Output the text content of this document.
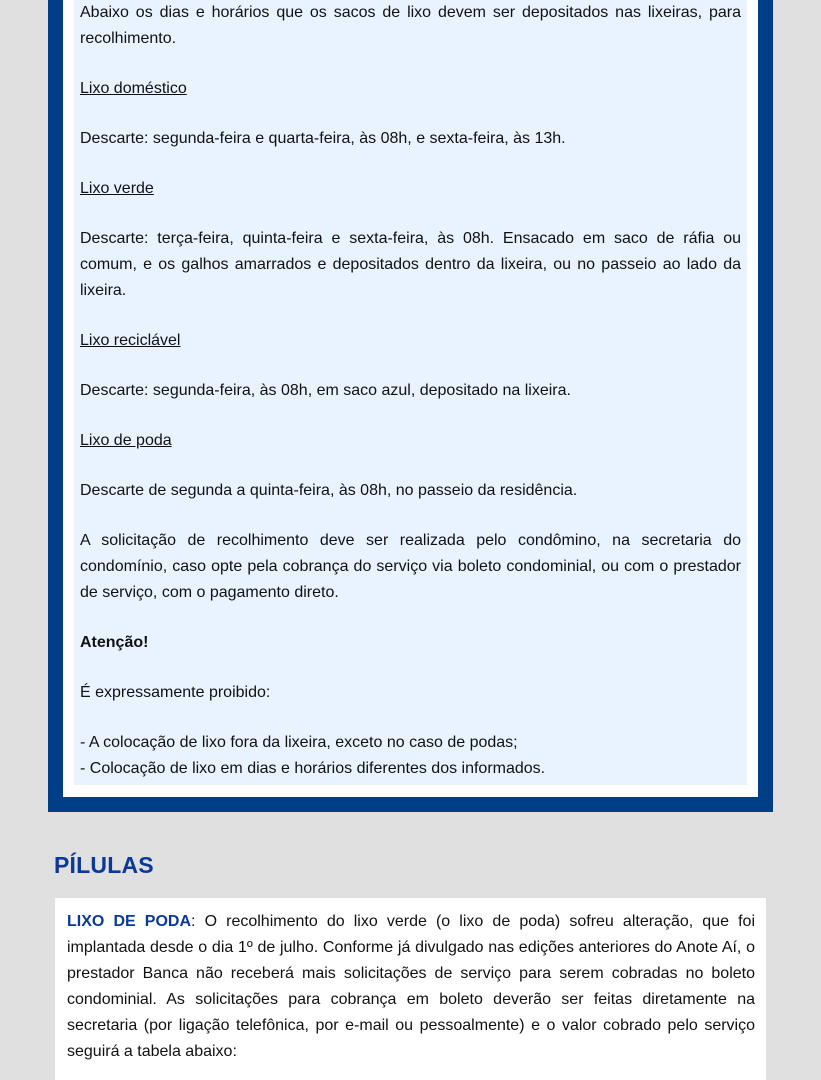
Abaixo os dias e horários que os sacos de lixo devem ser depositados nas lixeiras, para recolhimento.

Lixo doméstico

Descarte: segunda-feira e quarta-feira, às 08h, e sexta-feira, às 13h.

Lixo verde

Descarte: terça-feira, quinta-feira e sexta-feira, às 08h. Ensacado em saco de ráfia ou comum, e os galhos amarrados e depositados dentro da lixeira, ou no passeio ao lado da lixeira.

Lixo reciclável

Descarte: segunda-feira, às 08h, em saco azul, depositado na lixeira.

Lixo de poda

Descarte de segunda a quinta-feira, às 08h, no passeio da residência.

A solicitação de recolhimento deve ser realizada pelo condômino, na secretaria do condomínio, caso opte pela cobrança do serviço via boleto condominial, ou com o prestador de serviço, com o pagamento direto.

Atenção!

É expressamente proibido:

- A colocação de lixo fora da lixeira, exceto no caso de podas;

- Colocação de lixo em dias e horários diferentes dos informados.

PÍLULAS

LIXO DE PODA: O recolhimento do lixo verde (o lixo de poda) sofreu alteração, que foi implantada desde o dia 1º de julho. Conforme já divulgado nas edições anteriores do Anote Aí, o prestador Banca não receberá mais solicitações de serviço para serem cobradas no boleto condominial. As solicitações para cobrança em boleto deverão ser feitas diretamente na secretaria (por ligação telefônica, por e-mail ou pessoalmente) e o valor cobrado pelo serviço seguirá a tabela abaixo:
